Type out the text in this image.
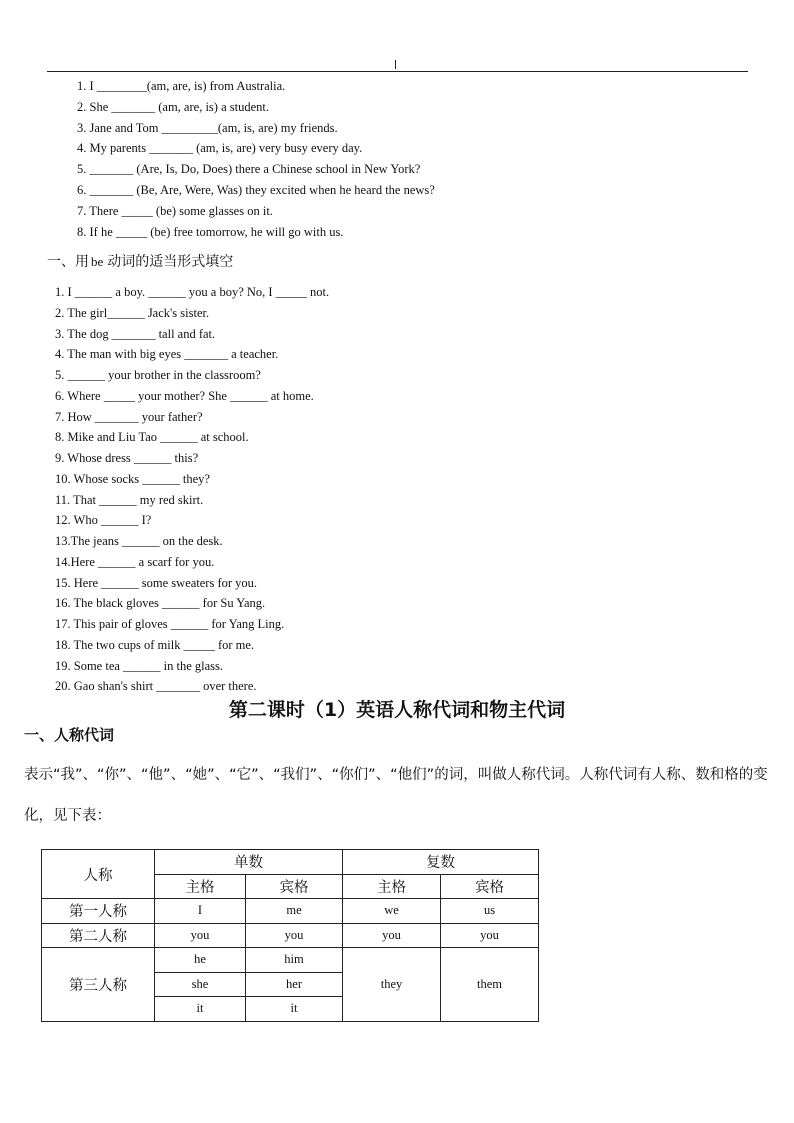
1. I ________(am, are, is) from Australia.
2. She _______ (am, are, is) a student.
3. Jane and Tom _________(am, is, are) my friends.
4. My parents _______ (am, is, are) very busy every day.
5. _______ (Are, Is, Do, Does) there a Chinese school in New York?
6. _______ (Be, Are, Were, Was) they excited when he heard the news?
7. There _____ (be) some glasses on it.
8. If he _____ (be) free tomorrow, he will go with us.
一、用 be 动词的适当形式填空
1. I ______ a boy. ______ you a boy? No, I _____ not.
2. The girl______ Jack's sister.
3. The dog _______ tall and fat.
4. The man with big eyes _______ a teacher.
5. ______ your brother in the classroom?
6. Where _____ your mother? She ______ at home.
7. How _______ your father?
8. Mike and Liu Tao ______ at school.
9. Whose dress ______ this?
10. Whose socks ______ they?
11. That ______ my red skirt.
12. Who ______ I?
13.The jeans ______ on the desk.
14.Here ______ a scarf for you.
15. Here ______ some sweaters for you.
16. The black gloves ______ for Su Yang.
17. This pair of gloves ______ for Yang Ling.
18. The two cups of milk _____ for me.
19. Some tea ______ in the glass.
20. Gao shan's shirt _______ over there.
第二课时（1）英语人称代词和物主代词
一、人称代词
表示“我”、“你”、“他”、“她”、“它”、“我们”、“你们”、“他们”的词，叫做人称代词。人称代词有人称、数和格的变化，见下表：
人称	单数		复数	
	主格	宾格	主格	宾格
第一人称	I	me	we	us
第二人称	you	you	you	you
第三人称	he	him	they	them
	she	her		
	it	it		
